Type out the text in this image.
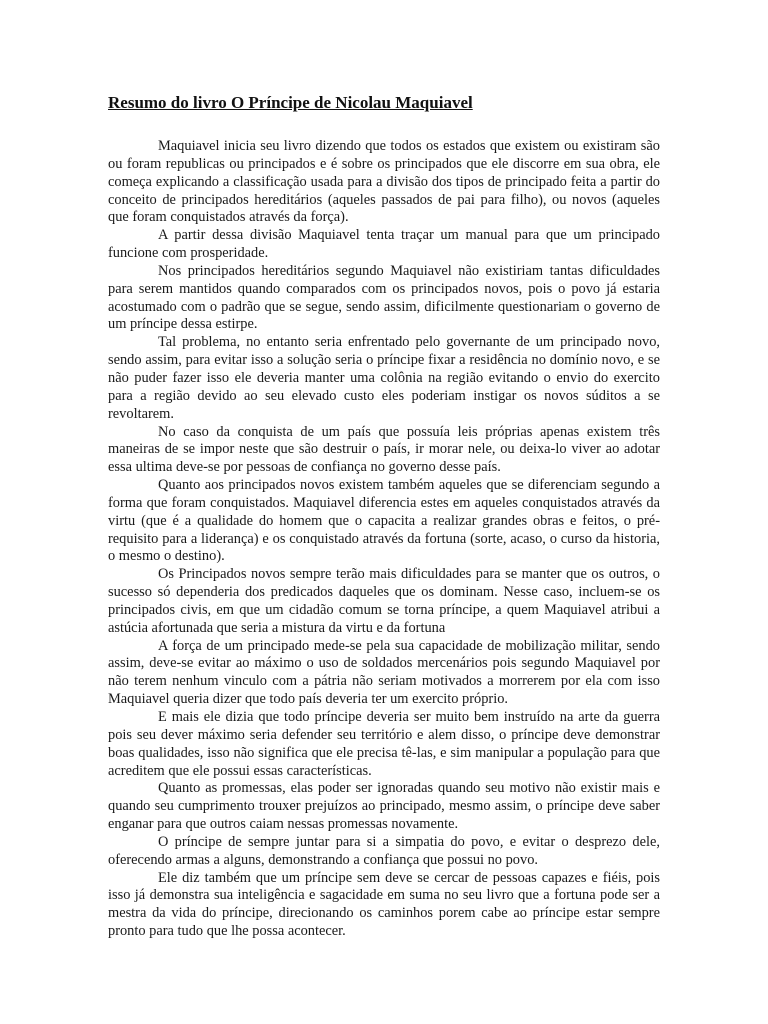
Resumo do livro O Príncipe de Nicolau Maquiavel

Maquiavel inicia seu livro dizendo que todos os estados que existem ou existiram são ou foram republicas ou principados e é sobre os principados que ele discorre em sua obra, ele começa explicando a classificação usada para a divisão dos tipos de principado feita a partir do conceito de principados hereditários (aqueles passados de pai para filho), ou novos (aqueles que foram conquistados através da força).

A partir dessa divisão Maquiavel tenta traçar um manual para que um principado funcione com prosperidade.

Nos principados hereditários segundo Maquiavel não existiriam tantas dificuldades para serem mantidos quando comparados com os principados novos, pois o povo já estaria acostumado com o padrão que se segue, sendo assim, dificilmente questionariam o governo de um príncipe dessa estirpe.

Tal problema, no entanto seria enfrentado pelo governante de um principado novo, sendo assim, para evitar isso a solução seria o príncipe fixar a residência no domínio novo, e se não puder fazer isso ele deveria manter uma colônia na região evitando o envio do exercito para a região devido ao seu elevado custo eles poderiam instigar os novos súditos a se revoltarem.

No caso da conquista de um país que possuía leis próprias apenas existem três maneiras de se impor neste que são destruir o país, ir morar nele, ou deixa-lo viver ao adotar essa ultima deve-se por pessoas de confiança no governo desse país.

Quanto aos principados novos existem também aqueles que se diferenciam segundo a forma que foram conquistados. Maquiavel diferencia estes em aqueles conquistados através da virtu (que é a qualidade do homem que o capacita a realizar grandes obras e feitos, o pré-requisito para a liderança) e os conquistado através da fortuna (sorte, acaso, o curso da historia, o mesmo o destino).

Os Principados novos sempre terão mais dificuldades para se manter que os outros, o sucesso só dependeria dos predicados daqueles que os dominam. Nesse caso, incluem-se os principados civis, em que um cidadão comum se torna príncipe, a quem Maquiavel atribui a astúcia afortunada que seria a mistura da virtu e da fortuna

A força de um principado mede-se pela sua capacidade de mobilização militar, sendo assim, deve-se evitar ao máximo o uso de soldados mercenários pois segundo Maquiavel por não terem nenhum vinculo com a pátria não seriam motivados a morrerem por ela com isso Maquiavel queria dizer que todo país deveria ter um exercito próprio.

E mais ele dizia que todo príncipe deveria ser muito bem instruído na arte da guerra pois seu dever máximo seria defender seu território e alem disso, o príncipe deve demonstrar boas qualidades, isso não significa que ele precisa tê-las, e sim manipular a população para que acreditem que ele possui essas características.

Quanto as promessas, elas poder ser ignoradas quando seu motivo não existir mais e quando seu cumprimento trouxer prejuízos ao principado, mesmo assim, o príncipe deve saber enganar para que outros caiam nessas promessas novamente.

O príncipe de sempre juntar para si a simpatia do povo, e evitar o desprezo dele, oferecendo armas a alguns, demonstrando a confiança que possui no povo.

Ele diz também que um príncipe sem deve se cercar de pessoas capazes e fiéis, pois isso já demonstra sua inteligência e sagacidade em suma no seu livro que a fortuna pode ser a mestra da vida do príncipe, direcionando os caminhos porem cabe ao príncipe estar sempre pronto para tudo que lhe possa acontecer.
